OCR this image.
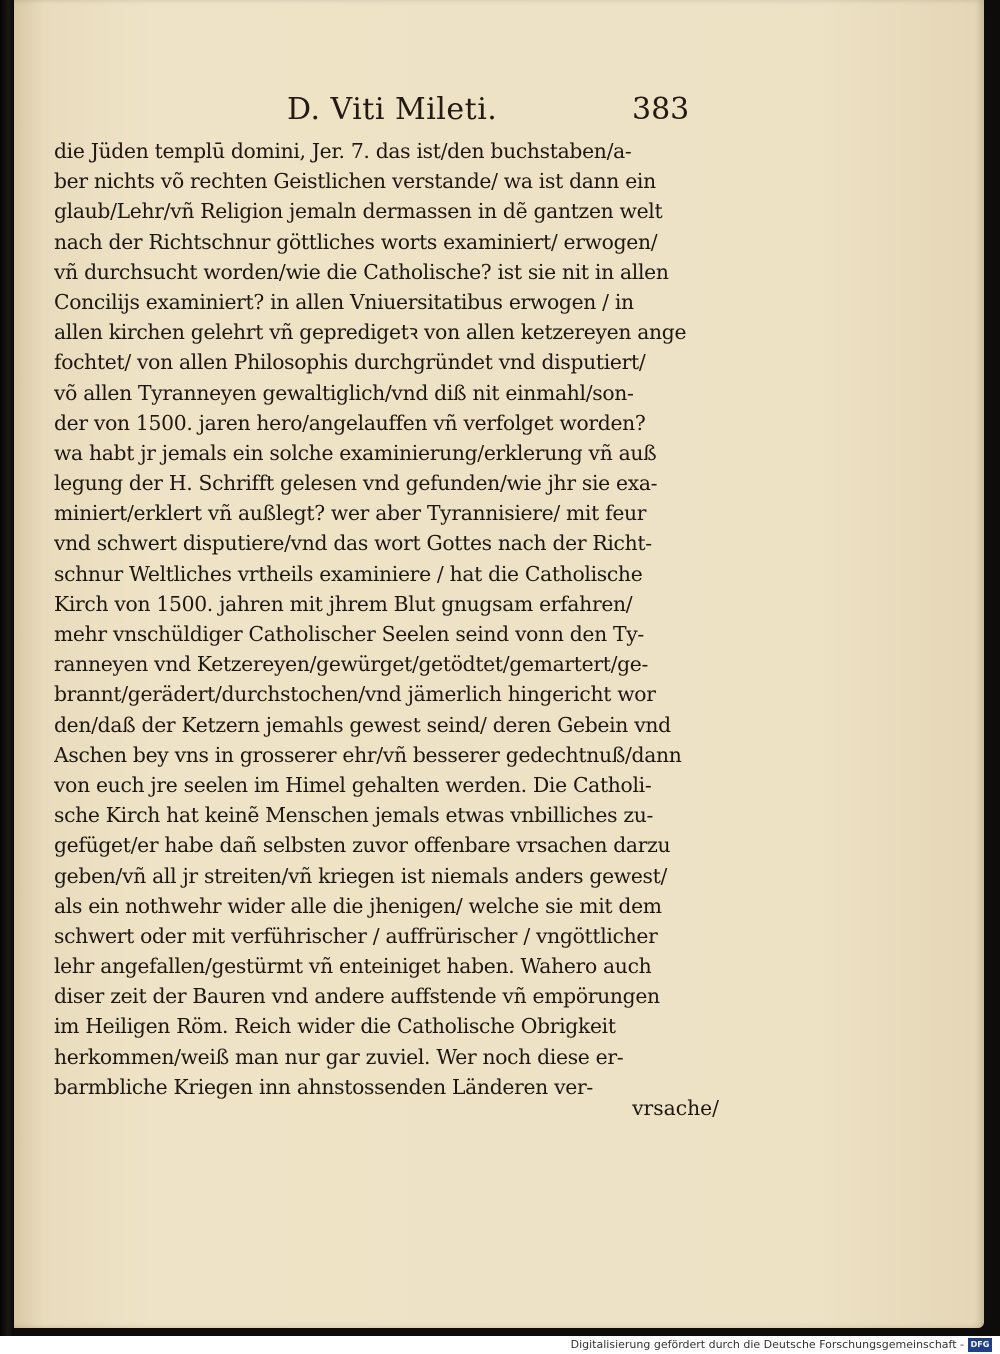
D. Viti Mileti.	383
die Jüden templū domini, Jer. 7. das ist/den buchstaben/a-
ber nichts võ rechten Geistlichen verstande/ wa ist dann ein
glaub/Lehr/vñ Religion jemaln dermassen in dẽ gantzen welt
nach der Richtschnur göttliches worts examiniert/ erwogen/
vñ durchsucht worden/wie die Catholische? ist sie nit in allen
Concilijs examiniert? in allen Vniuersitatibus erwogen / in
allen kirchen gelehrt vñ gepredigetꝛ von allen ketzereyen ange
fochtet/ von allen Philosophis durchgründet vnd disputiert/
võ allen Tyranneyen gewaltiglich/vnd diß nit einmahl/son-
der von 1500. jaren hero/angelauffen vñ verfolget worden?
wa habt jr jemals ein solche examinierung/erklerung vñ auß
legung der H. Schrifft gelesen vnd gefunden/wie jhr sie exa-
miniert/erklert vñ außlegt? wer aber Tyrannisiere/ mit feur
vnd schwert disputiere/vnd das wort Gottes nach der Richt-
schnur Weltliches vrtheils examiniere / hat die Catholische
Kirch von 1500. jahren mit jhrem Blut gnugsam erfahren/
mehr vnschüldiger Catholischer Seelen seind vonn den Ty-
ranneyen vnd Ketzereyen/gewürget/getödtet/gemartert/ge-
brannt/gerädert/durchstochen/vnd jämerlich hingericht wor
den/daß der Ketzern jemahls gewest seind/ deren Gebein vnd
Aschen bey vns in grosserer ehr/vñ besserer gedechtnuß/dann
von euch jre seelen im Himel gehalten werden. Die Catholi-
sche Kirch hat keinẽ Menschen jemals etwas vnbilliches zu-
gefüget/er habe dañ selbsten zuvor offenbare vrsachen darzu
geben/vñ all jr streiten/vñ kriegen ist niemals anders gewest/
als ein nothwehr wider alle die jhenigen/ welche sie mit dem
schwert oder mit verführischer / auffrürischer / vngöttlicher
lehr angefallen/gestürmt vñ enteiniget haben. Wahero auch
diser zeit der Bauren vnd andere auffstende vñ empörungen
im Heiligen Röm. Reich wider die Catholische Obrigkeit
herkommen/weiß man nur gar zuviel. Wer noch diese er-
barmbliche Kriegen inn ahnstossenden Länderen ver-
vrsache/
Digitalisierung gefördert durch die Deutsche Forschungsgemeinschaft - DFG
